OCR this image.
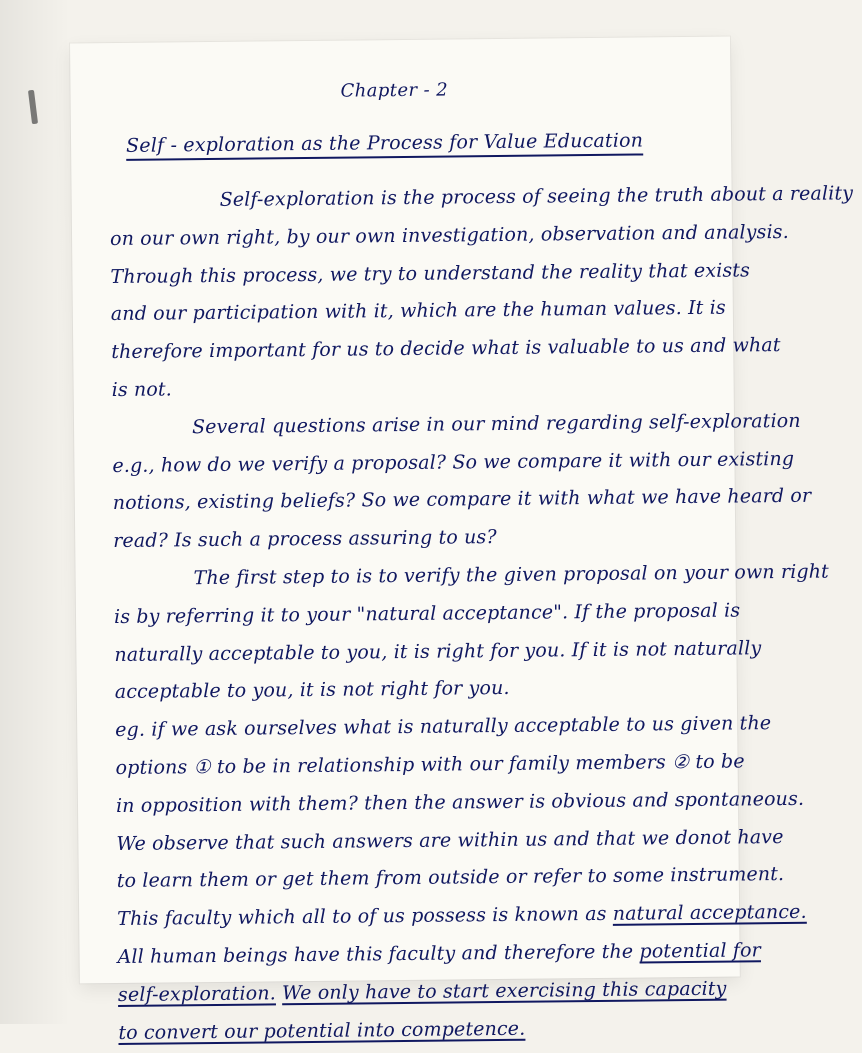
Chapter - 2
Self - exploration as the Process for Value Education
Self-exploration is the process of seeing the truth about a reality
on our own right, by our own investigation, observation and analysis.
Through this process, we try to understand the reality that exists
and our participation with it, which are the human values. It is
therefore important for us to decide what is valuable to us and what
is not.
Several questions arise in our mind regarding self-exploration
e.g., how do we verify a proposal? So we compare it with our existing
notions, existing beliefs? So we compare it with what we have heard or
read? Is such a process assuring to us?
The first step to is to verify the given proposal on your own right
is by referring it to your "natural acceptance". If the proposal is
naturally acceptable to you, it is right for you. If it is not naturally
acceptable to you, it is not right for you.
eg. if we ask ourselves what is naturally acceptable to us given the
options ① to be in relationship with our family members ② to be
in opposition with them? then the answer is obvious and spontaneous.
We observe that such answers are within us and that we donot have
to learn them or get them from outside or refer to some instrument.
This faculty which all to of us possess is known as natural acceptance.
All human beings have this faculty and therefore the potential for
self-exploration. We only have to start exercising this capacity
to convert our potential into competence.
